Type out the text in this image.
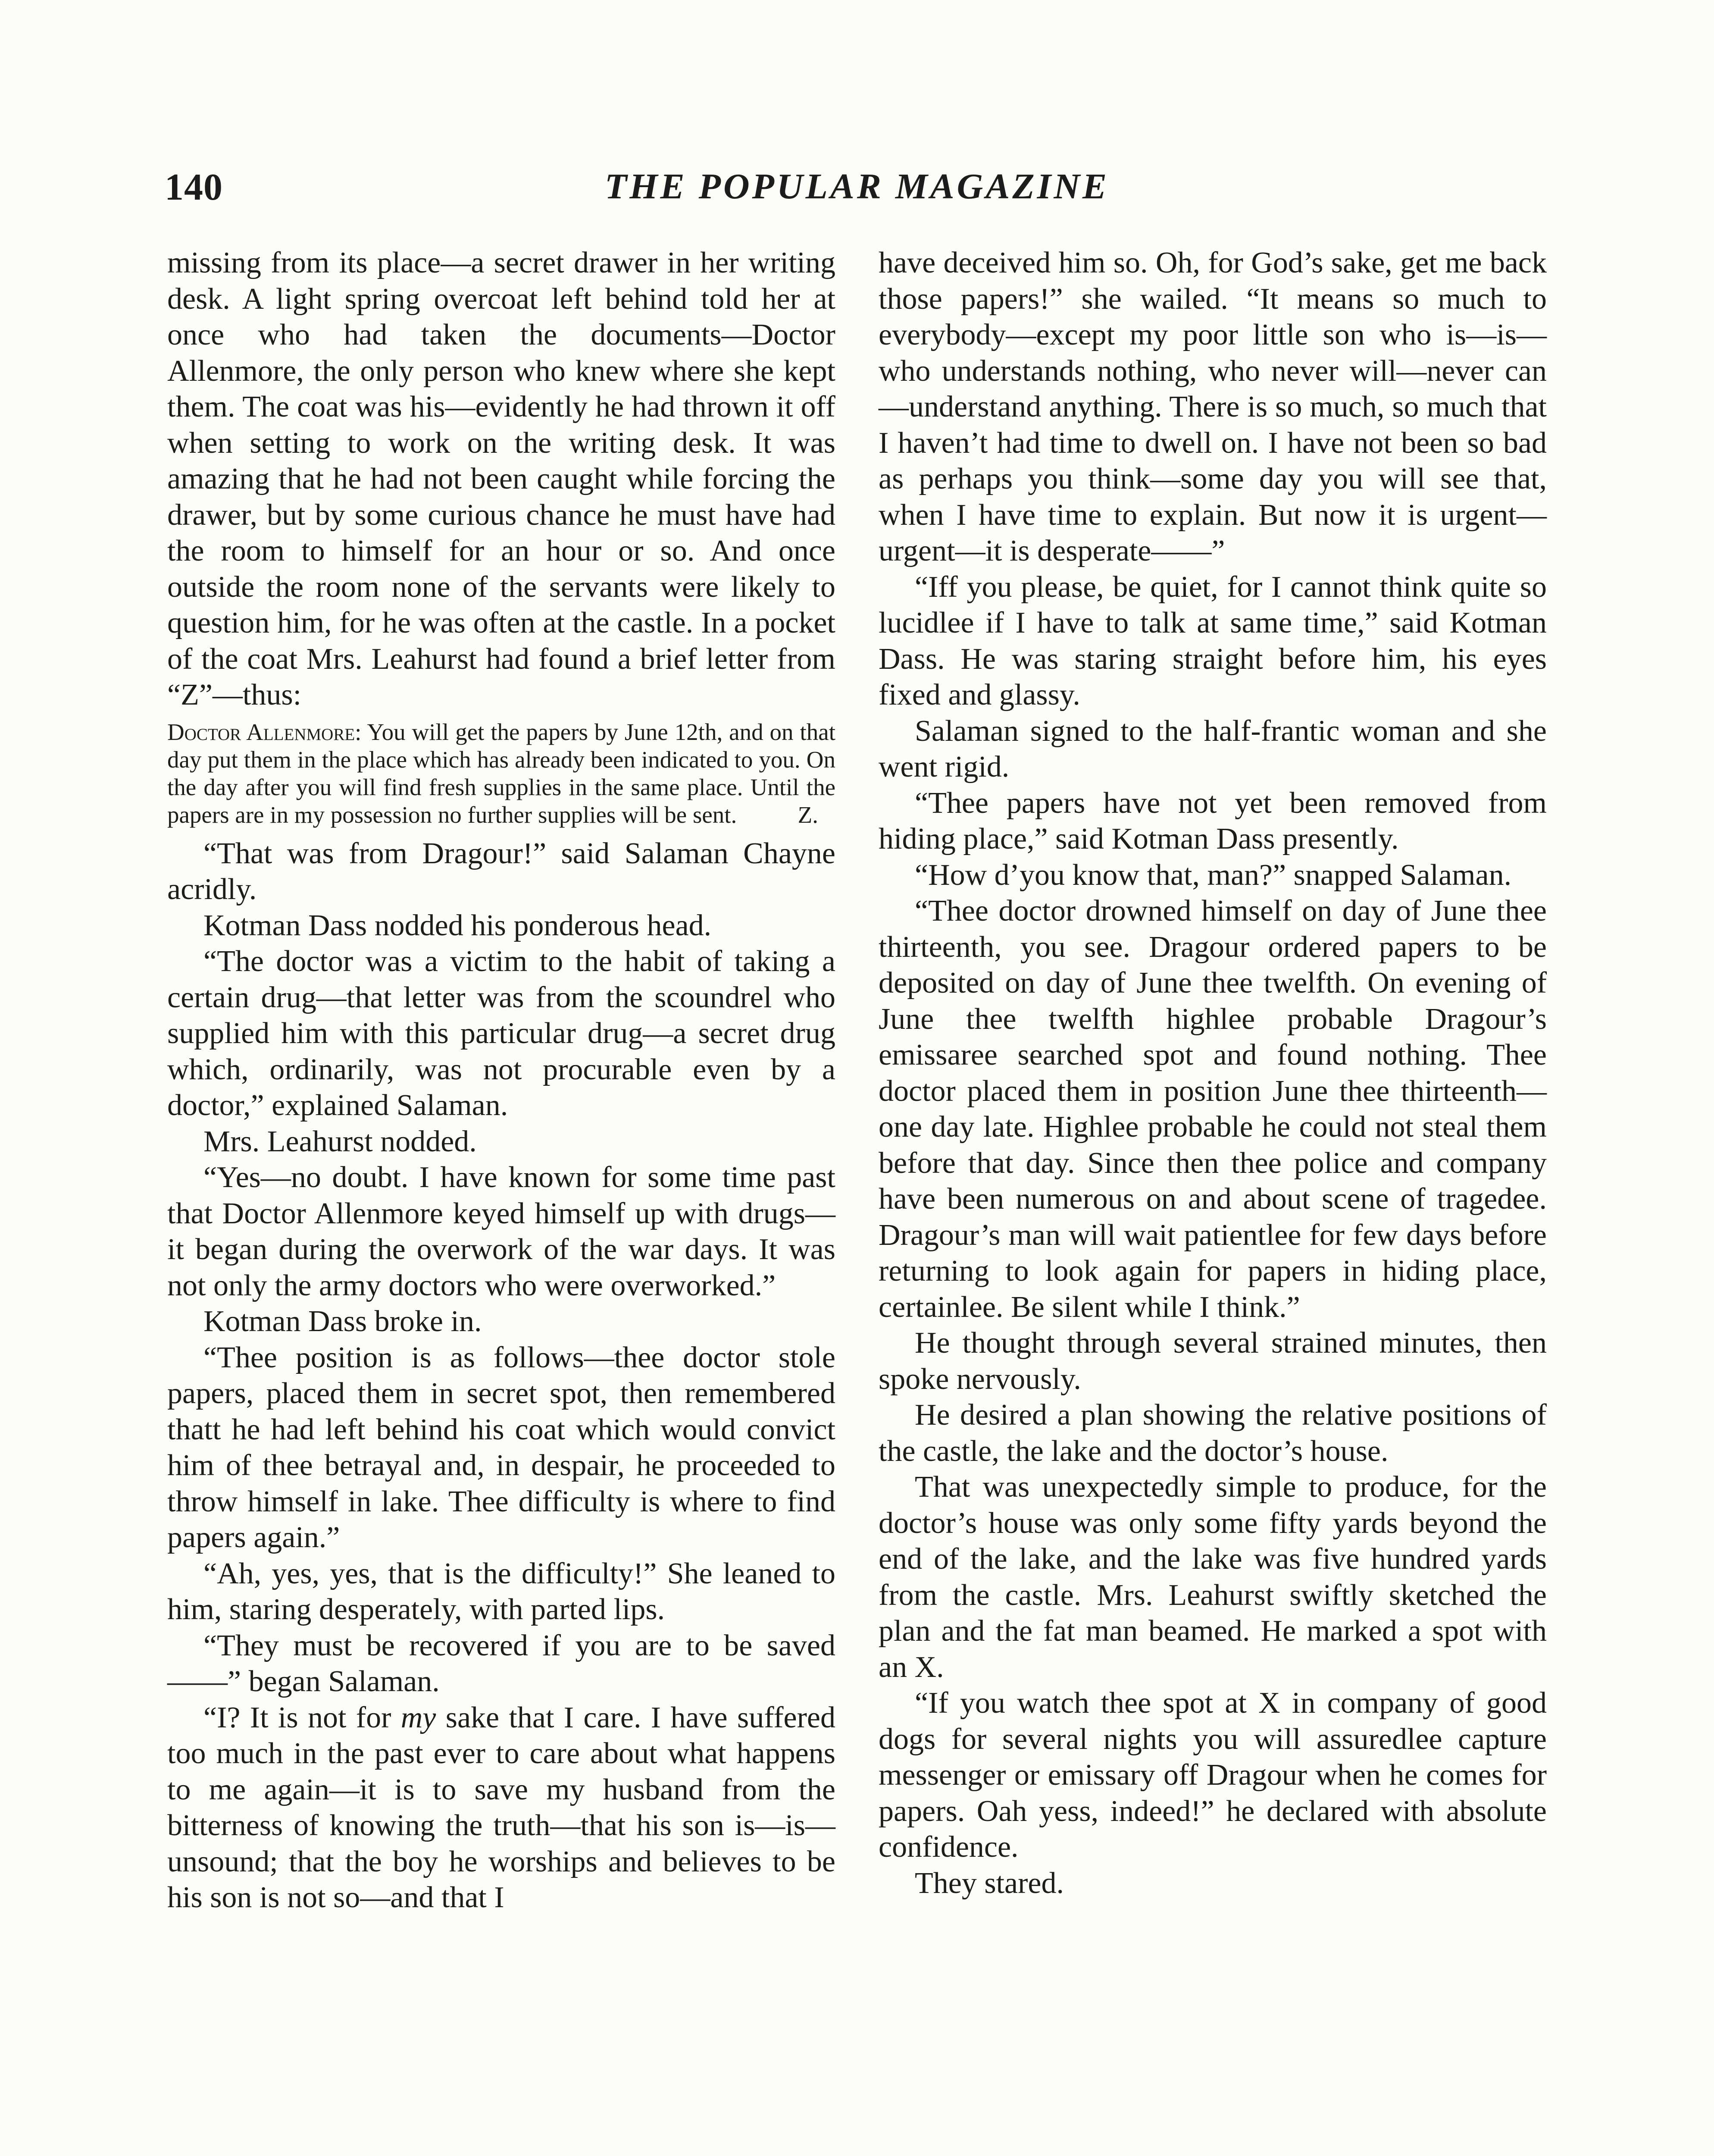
140	THE POPULAR MAGAZINE

missing from its place—a secret drawer in her writing desk. A light spring overcoat left behind told her at once who had taken the documents—Doctor Allenmore, the only person who knew where she kept them. The coat was his—evidently he had thrown it off when setting to work on the writing desk. It was amazing that he had not been caught while forcing the drawer, but by some curious chance he must have had the room to himself for an hour or so. And once outside the room none of the servants were likely to question him, for he was often at the castle. In a pocket of the coat Mrs. Leahurst had found a brief letter from “Z”—thus:

Doctor Allenmore: You will get the papers by June 12th, and on that day put them in the place which has already been indicated to you. On the day after you will find fresh supplies in the same place. Until the papers are in my possession no further supplies will be sent.	Z.

“That was from Dragour!” said Salaman Chayne acridly.

Kotman Dass nodded his ponderous head.

“The doctor was a victim to the habit of taking a certain drug—that letter was from the scoundrel who supplied him with this particular drug—a secret drug which, ordinarily, was not procurable even by a doctor,” explained Salaman.

Mrs. Leahurst nodded.

“Yes—no doubt. I have known for some time past that Doctor Allenmore keyed himself up with drugs—it began during the overwork of the war days. It was not only the army doctors who were overworked.”

Kotman Dass broke in.

“Thee position is as follows—thee doctor stole papers, placed them in secret spot, then remembered thatt he had left behind his coat which would convict him of thee betrayal and, in despair, he proceeded to throw himself in lake. Thee difficulty is where to find papers again.”

“Ah, yes, yes, that is the difficulty!” She leaned to him, staring desperately, with parted lips.

“They must be recovered if you are to be saved——” began Salaman.

“I? It is not for my sake that I care. I have suffered too much in the past ever to care about what happens to me again—it is to save my husband from the bitterness of knowing the truth—that his son is—is—unsound; that the boy he worships and believes to be his son is not so—and that I

have deceived him so. Oh, for God’s sake, get me back those papers!” she wailed. “It means so much to everybody—except my poor little son who is—is—who understands nothing, who never will—never can—understand anything. There is so much, so much that I haven’t had time to dwell on. I have not been so bad as perhaps you think—some day you will see that, when I have time to explain. But now it is urgent—urgent—it is desperate——”

“Iff you please, be quiet, for I cannot think quite so lucidlee if I have to talk at same time,” said Kotman Dass. He was staring straight before him, his eyes fixed and glassy.

Salaman signed to the half-frantic woman and she went rigid.

“Thee papers have not yet been removed from hiding place,” said Kotman Dass presently.

“How d’you know that, man?” snapped Salaman.

“Thee doctor drowned himself on day of June thee thirteenth, you see. Dragour ordered papers to be deposited on day of June thee twelfth. On evening of June thee twelfth highlee probable Dragour’s emissaree searched spot and found nothing. Thee doctor placed them in position June thee thirteenth—one day late. Highlee probable he could not steal them before that day. Since then thee police and company have been numerous on and about scene of tragedee. Dragour’s man will wait patientlee for few days before returning to look again for papers in hiding place, certainlee. Be silent while I think.”

He thought through several strained minutes, then spoke nervously.

He desired a plan showing the relative positions of the castle, the lake and the doctor’s house.

That was unexpectedly simple to produce, for the doctor’s house was only some fifty yards beyond the end of the lake, and the lake was five hundred yards from the castle. Mrs. Leahurst swiftly sketched the plan and the fat man beamed. He marked a spot with an X.

“If you watch thee spot at X in company of good dogs for several nights you will assuredlee capture messenger or emissary off Dragour when he comes for papers. Oah yess, indeed!” he declared with absolute confidence.

They stared.
